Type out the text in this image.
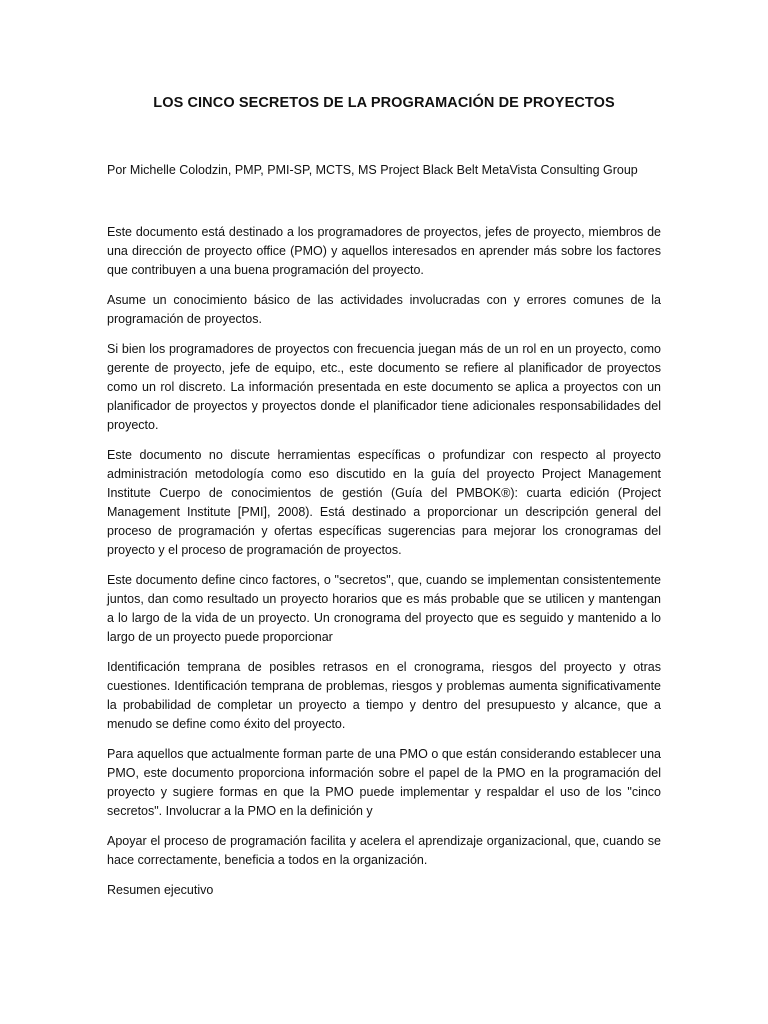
LOS CINCO SECRETOS DE LA PROGRAMACIÓN DE PROYECTOS

Por Michelle Colodzin, PMP, PMI-SP, MCTS, MS Project Black Belt MetaVista Consulting Group

Este documento está destinado a los programadores de proyectos, jefes de proyecto, miembros de una dirección de proyecto office (PMO) y aquellos interesados en aprender más sobre los factores que contribuyen a una buena programación del proyecto.

Asume un conocimiento básico de las actividades involucradas con y errores comunes de la programación de proyectos.

Si bien los programadores de proyectos con frecuencia juegan más de un rol en un proyecto, como gerente de proyecto, jefe de equipo, etc., este documento se refiere al planificador de proyectos como un rol discreto. La información presentada en este documento se aplica a proyectos con un planificador de proyectos y proyectos donde el planificador tiene adicionales responsabilidades del proyecto.

Este documento no discute herramientas específicas o profundizar con respecto al proyecto administración metodología como eso discutido en la guía del proyecto Project Management Institute Cuerpo de conocimientos de gestión (Guía del PMBOK®): cuarta edición (Project Management Institute [PMI], 2008). Está destinado a proporcionar un descripción general del proceso de programación y ofertas específicas sugerencias para mejorar los cronogramas del proyecto y el proceso de programación de proyectos.

Este documento define cinco factores, o "secretos", que, cuando se implementan consistentemente juntos, dan como resultado un proyecto horarios que es más probable que se utilicen y mantengan a lo largo de la vida de un proyecto. Un cronograma del proyecto que es seguido y mantenido a lo largo de un proyecto puede proporcionar

Identificación temprana de posibles retrasos en el cronograma, riesgos del proyecto y otras cuestiones. Identificación temprana de problemas, riesgos y problemas aumenta significativamente la probabilidad de completar un proyecto a tiempo y dentro del presupuesto y alcance, que a menudo se define como éxito del proyecto.

Para aquellos que actualmente forman parte de una PMO o que están considerando establecer una PMO, este documento proporciona información sobre el papel de la PMO en la programación del proyecto y sugiere formas en que la PMO puede implementar y respaldar el uso de los "cinco secretos". Involucrar a la PMO en la definición y

Apoyar el proceso de programación facilita y acelera el aprendizaje organizacional, que, cuando se hace correctamente, beneficia a todos en la organización.

Resumen ejecutivo
